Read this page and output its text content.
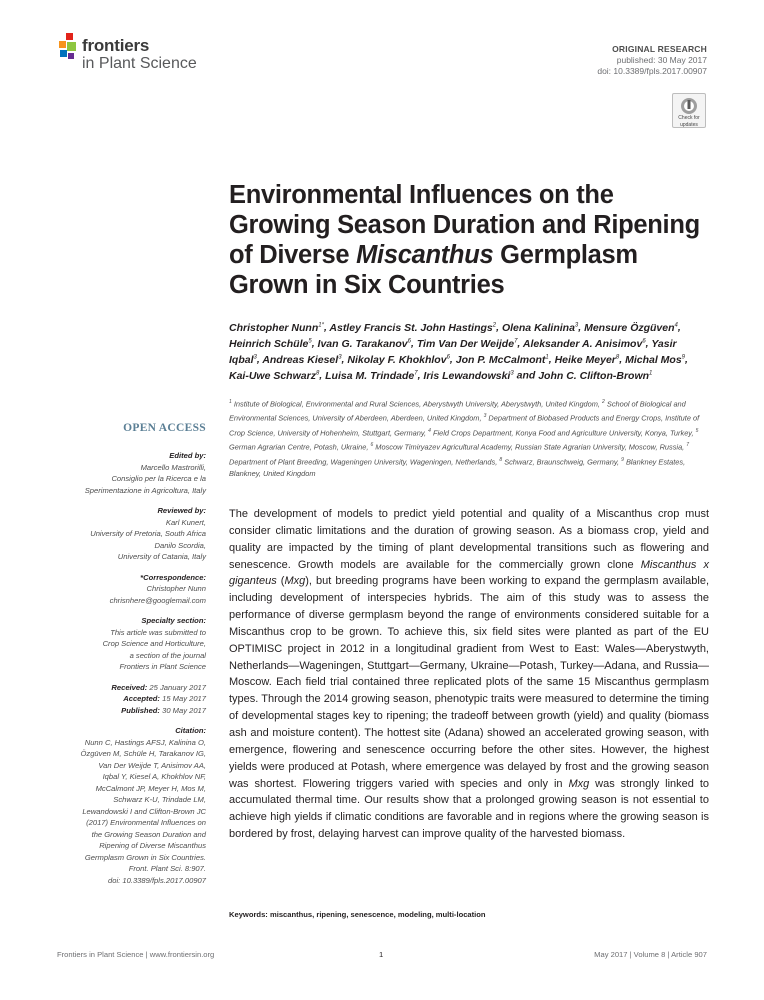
frontiers
in Plant Science
ORIGINAL RESEARCH
published: 30 May 2017
doi: 10.3389/fpls.2017.00907
Check for
updates
Environmental Influences on the Growing Season Duration and Ripening of Diverse Miscanthus Germplasm Grown in Six Countries
Christopher Nunn$^{1*}$, Astley Francis St. John Hastings$^2$, Olena Kalinina$^3$, Mensure Özgüven$^4$, Heinrich Schüle$^5$, Ivan G. Tarakanov$^6$, Tim Van Der Weijde$^7$, Aleksander A. Anisimov$^6$, Yasir Iqbal$^3$, Andreas Kiesel$^3$, Nikolay F. Khokhlov$^6$, Jon P. McCalmont$^1$, Heike Meyer$^8$, Michal Mos$^9$, Kai-Uwe Schwarz$^8$, Luisa M. Trindade$^7$, Iris Lewandowski$^3$ and John C. Clifton-Brown$^1$
$^1$ Institute of Biological, Environmental and Rural Sciences, Aberystwyth University, Aberystwyth, United Kingdom, $^2$ School of Biological and Environmental Sciences, University of Aberdeen, Aberdeen, United Kingdom, $^3$ Department of Biobased Products and Energy Crops, Institute of Crop Science, University of Hohenheim, Stuttgart, Germany, $^4$ Field Crops Department, Konya Food and Agriculture University, Konya, Turkey, $^5$ German Agrarian Centre, Potash, Ukraine, $^6$ Moscow Timiryazev Agricultural Academy, Russian State Agrarian University, Moscow, Russia, $^7$ Department of Plant Breeding, Wageningen University, Wageningen, Netherlands, $^8$ Schwarz, Braunschweig, Germany, $^9$ Blankney Estates, Blankney, United Kingdom
OPEN ACCESS
Edited by:
Marcello Mastrorilli,
Consiglio per la Ricerca e la
Sperimentazione in Agricoltura, Italy
Reviewed by:
Karl Kunert,
University of Pretoria, South Africa
Danilo Scordia,
University of Catania, Italy
*Correspondence:
Christopher Nunn
chrisnhere@googlemail.com
Specialty section:
This article was submitted to
Crop Science and Horticulture,
a section of the journal
Frontiers in Plant Science
Received: 25 January 2017
Accepted: 15 May 2017
Published: 30 May 2017
Citation:
Nunn C, Hastings AFSJ, Kalinina O,
Özgüven M, Schüle H, Tarakanov IG,
Van Der Weijde T, Anisimov AA,
Iqbal Y, Kiesel A, Khokhlov NF,
McCalmont JP, Meyer H, Mos M,
Schwarz K-U, Trindade LM,
Lewandowski I and Clifton-Brown JC
(2017) Environmental Influences on
the Growing Season Duration and
Ripening of Diverse Miscanthus
Germplasm Grown in Six Countries.
Front. Plant Sci. 8:907.
doi: 10.3389/fpls.2017.00907

The development of models to predict yield potential and quality of a Miscanthus crop must consider climatic limitations and the duration of growing season. As a biomass crop, yield and quality are impacted by the timing of plant developmental transitions such as flowering and senescence. Growth models are available for the commercially grown clone Miscanthus x giganteus (Mxg), but breeding programs have been working to expand the germplasm available, including development of interspecies hybrids. The aim of this study was to assess the performance of diverse germplasm beyond the range of environments considered suitable for a Miscanthus crop to be grown. To achieve this, six field sites were planted as part of the EU OPTIMISC project in 2012 in a longitudinal gradient from West to East: Wales—Aberystwyth, Netherlands—Wageningen, Stuttgart—Germany, Ukraine—Potash, Turkey—Adana, and Russia—Moscow. Each field trial contained three replicated plots of the same 15 Miscanthus germplasm types. Through the 2014 growing season, phenotypic traits were measured to determine the timing of developmental stages key to ripening; the tradeoff between growth (yield) and quality (biomass ash and moisture content). The hottest site (Adana) showed an accelerated growing season, with emergence, flowering and senescence occurring before the other sites. However, the highest yields were produced at Potash, where emergence was delayed by frost and the growing season was shortest. Flowering triggers varied with species and only in Mxg was strongly linked to accumulated thermal time. Our results show that a prolonged growing season is not essential to achieve high yields if climatic conditions are favorable and in regions where the growing season is bordered by frost, delaying harvest can improve quality of the harvested biomass.

Keywords: miscanthus, ripening, senescence, modeling, multi-location
Frontiers in Plant Science | www.frontiersin.org	1	May 2017 | Volume 8 | Article 907
